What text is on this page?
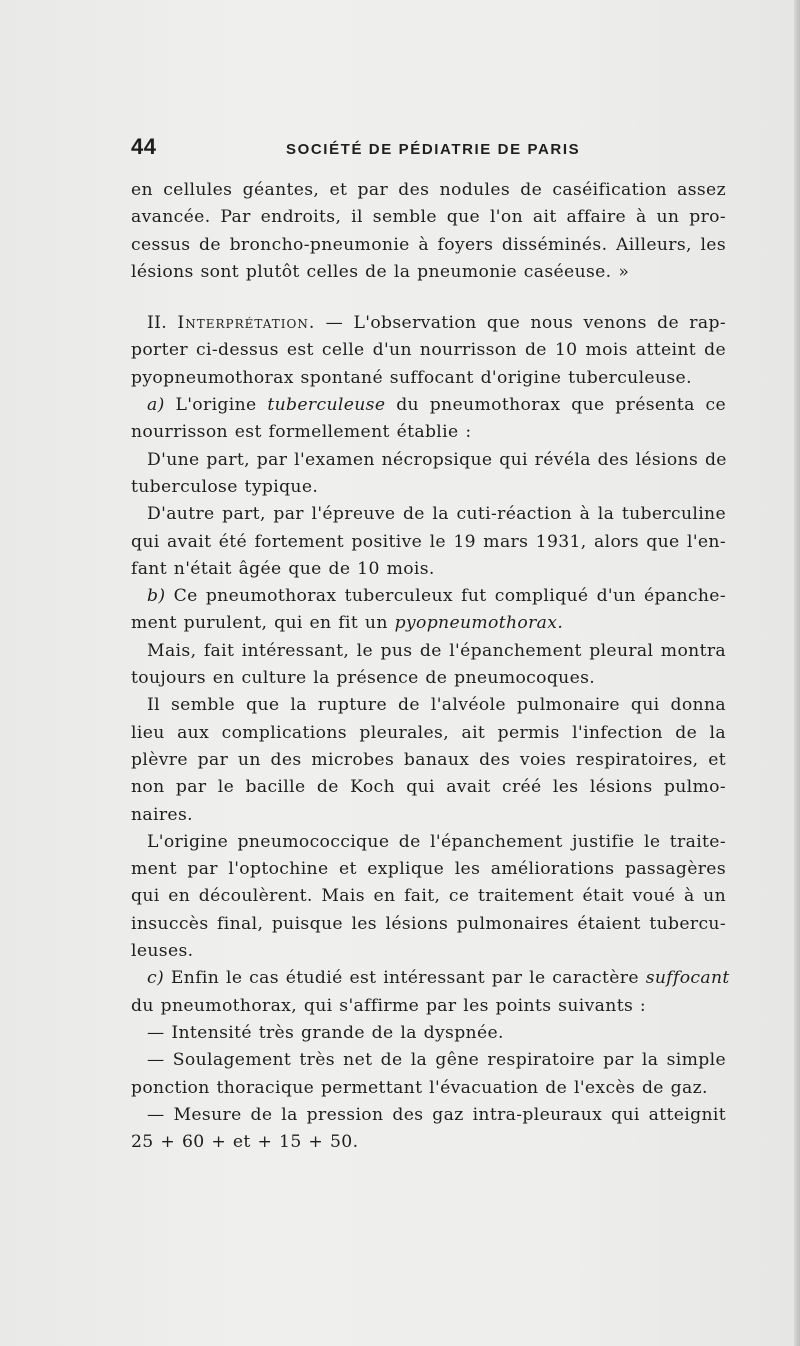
44	SOCIÉTÉ DE PÉDIATRIE DE PARIS
en cellules géantes, et par des nodules de caséification assez
avancée. Par endroits, il semble que l'on ait affaire à un pro-
cessus de broncho-pneumonie à foyers disséminés. Ailleurs, les
lésions sont plutôt celles de la pneumonie caséeuse. »
II. Interprétation. — L'observation que nous venons de rap-
porter ci-dessus est celle d'un nourrisson de 10 mois atteint de
pyopneumothorax spontané suffocant d'origine tuberculeuse.
a) L'origine tuberculeuse du pneumothorax que présenta ce
nourrisson est formellement établie :
D'une part, par l'examen nécropsique qui révéla des lésions de
tuberculose typique.
D'autre part, par l'épreuve de la cuti-réaction à la tuberculine
qui avait été fortement positive le 19 mars 1931, alors que l'en-
fant n'était âgée que de 10 mois.
b) Ce pneumothorax tuberculeux fut compliqué d'un épanche-
ment purulent, qui en fit un pyopneumothorax.
Mais, fait intéressant, le pus de l'épanchement pleural montra
toujours en culture la présence de pneumocoques.
Il semble que la rupture de l'alvéole pulmonaire qui donna
lieu aux complications pleurales, ait permis l'infection de la
plèvre par un des microbes banaux des voies respiratoires, et
non par le bacille de Koch qui avait créé les lésions pulmo-
naires.
L'origine pneumococcique de l'épanchement justifie le traite-
ment par l'optochine et explique les améliorations passagères
qui en découlèrent. Mais en fait, ce traitement était voué à un
insuccès final, puisque les lésions pulmonaires étaient tubercu-
leuses.
c) Enfin le cas étudié est intéressant par le caractère suffocant
du pneumothorax, qui s'affirme par les points suivants :
— Intensité très grande de la dyspnée.
— Soulagement très net de la gêne respiratoire par la simple
ponction thoracique permettant l'évacuation de l'excès de gaz.
— Mesure de la pression des gaz intra-pleuraux qui atteignit
25 + 60 + et + 15 + 50.
